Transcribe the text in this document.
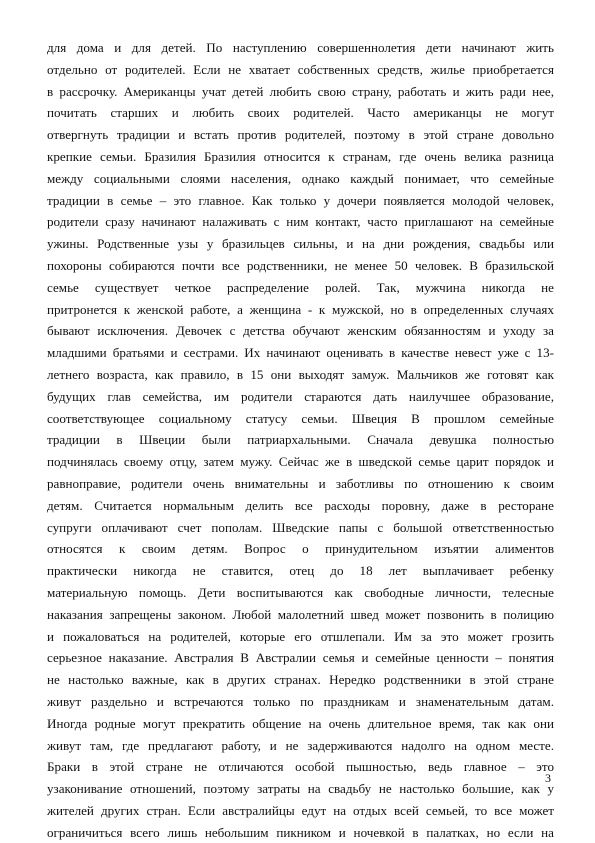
для дома и для детей. По наступлению совершеннолетия дети начинают жить
отдельно от родителей. Если не хватает собственных средств, жилье приобретается
в рассрочку. Американцы учат детей любить свою страну, работать и жить ради нее,
почитать старших и любить своих родителей. Часто американцы не могут
отвергнуть традиции и встать против родителей, поэтому в этой стране довольно
крепкие семьи. Бразилия Бразилия относится к странам, где очень велика разница
между социальными слоями населения, однако каждый понимает, что семейные
традиции в семье – это главное. Как только у дочери появляется молодой человек,
родители сразу начинают налаживать с ним контакт, часто приглашают на семейные
ужины. Родственные узы у бразильцев сильны, и на дни рождения, свадьбы или
похороны собираются почти все родственники, не менее 50 человек. В бразильской
семье существует четкое распределение ролей. Так, мужчина никогда не
притронется к женской работе, а женщина - к мужской, но в определенных случаях
бывают исключения. Девочек с детства обучают женским обязанностям и уходу за
младшими братьями и сестрами. Их начинают оценивать в качестве невест уже с 13-
летнего возраста, как правило, в 15 они выходят замуж. Мальчиков же готовят как
будущих глав семейства, им родители стараются дать наилучшее образование,
соответствующее социальному статусу семьи. Швеция В прошлом семейные
традиции в Швеции были патриархальными. Сначала девушка полностью
подчинялась своему отцу, затем мужу. Сейчас же в шведской семье царит порядок и
равноправие, родители очень внимательны и заботливы по отношению к своим
детям. Считается нормальным делить все расходы поровну, даже в ресторане
супруги оплачивают счет пополам. Шведские папы с большой ответственностью
относятся к своим детям. Вопрос о принудительном изъятии алиментов
практически никогда не ставится, отец до 18 лет выплачивает ребенку
материальную помощь. Дети воспитываются как свободные личности, телесные
наказания запрещены законом. Любой малолетний швед может позвонить в полицию
и пожаловаться на родителей, которые его отшлепали. Им за это может грозить
серьезное наказание. Австралия В Австралии семья и семейные ценности – понятия
не настолько важные, как в других странах. Нередко родственники в этой стране
живут раздельно и встречаются только по праздникам и знаменательным датам.
Иногда родные могут прекратить общение на очень длительное время, так как они
живут там, где предлагают работу, и не задерживаются надолго на одном месте.
Браки в этой стране не отличаются особой пышностью, ведь главное – это
узаконивание отношений, поэтому затраты на свадьбу не настолько большие, как у
жителей других стран. Если австралийцы едут на отдых всей семьей, то все может
ограничиться всего лишь небольшим пикником и ночевкой в палатках, но если на
3
